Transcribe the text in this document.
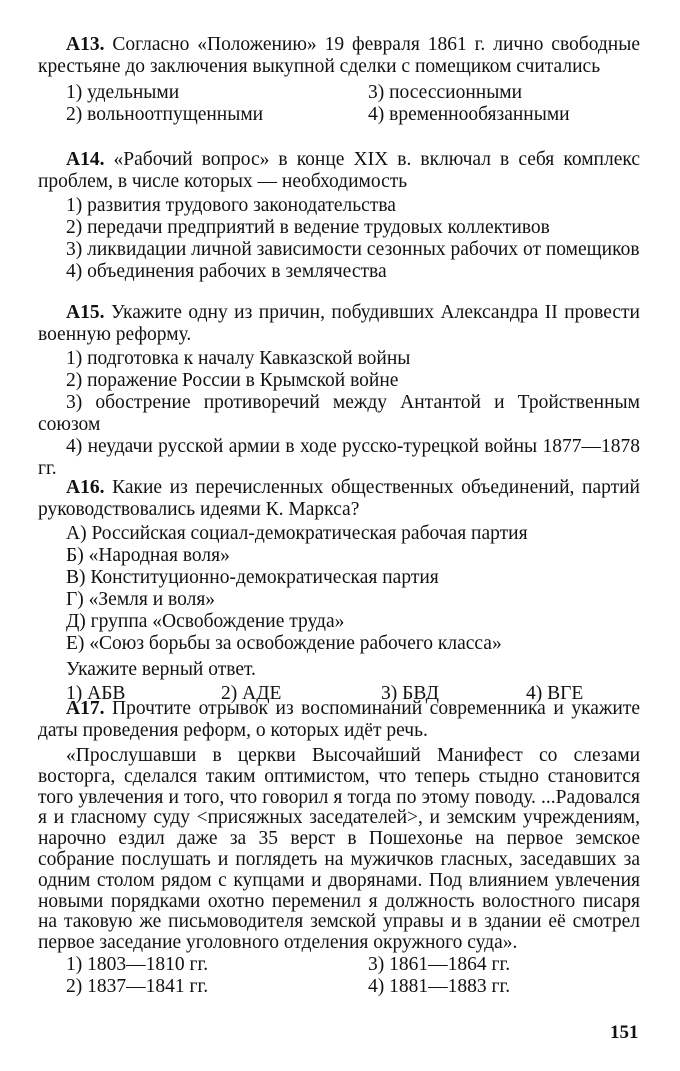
А13. Согласно «Положению» 19 февраля 1861 г. лично свободные крестьяне до заключения выкупной сделки с помещиком считались

1) удельными	3) посессионными
2) вольноотпущенными	4) временнообязанными

А14. «Рабочий вопрос» в конце XIX в. включал в себя комплекс проблем, в числе которых — необходимость

1) развития трудового законодательства

2) передачи предприятий в ведение трудовых коллективов

3) ликвидации личной зависимости сезонных рабочих от помещиков

4) объединения рабочих в землячества

А15. Укажите одну из причин, побудивших Александра II провести военную реформу.

1) подготовка к началу Кавказской войны

2) поражение России в Крымской войне

3) обострение противоречий между Антантой и Тройственным союзом

4) неудачи русской армии в ходе русско-турецкой войны 1877—1878 гг.

А16. Какие из перечисленных общественных объединений, партий руководствовались идеями К. Маркса?

А) Российская социал-демократическая рабочая партия

Б) «Народная воля»

В) Конституционно-демократическая партия

Г) «Земля и воля»

Д) группа «Освобождение труда»

Е) «Союз борьбы за освобождение рабочего класса»

Укажите верный ответ.

1) АБВ	2) АДЕ	3) БВД	4) ВГЕ

А17. Прочтите отрывок из воспоминаний современника и укажите даты проведения реформ, о которых идёт речь.

«Прослушавши в церкви Высочайший Манифест со слезами восторга, сделался таким оптимистом, что теперь стыдно становится того увлечения и того, что говорил я тогда по этому поводу. ...Радовался я и гласному суду <присяжных заседателей>, и земским учреждениям, нарочно ездил даже за 35 верст в Пошехонье на первое земское собрание послушать и поглядеть на мужичков гласных, заседавших за одним столом рядом с купцами и дворянами. Под влиянием увлечения новыми порядками охотно переменил я должность волостного писаря на таковую же письмоводителя земской управы и в здании её смотрел первое заседание уголовного отделения окружного суда».

1) 1803—1810 гг.	3) 1861—1864 гг.
2) 1837—1841 гг.	4) 1881—1883 гг.
151
